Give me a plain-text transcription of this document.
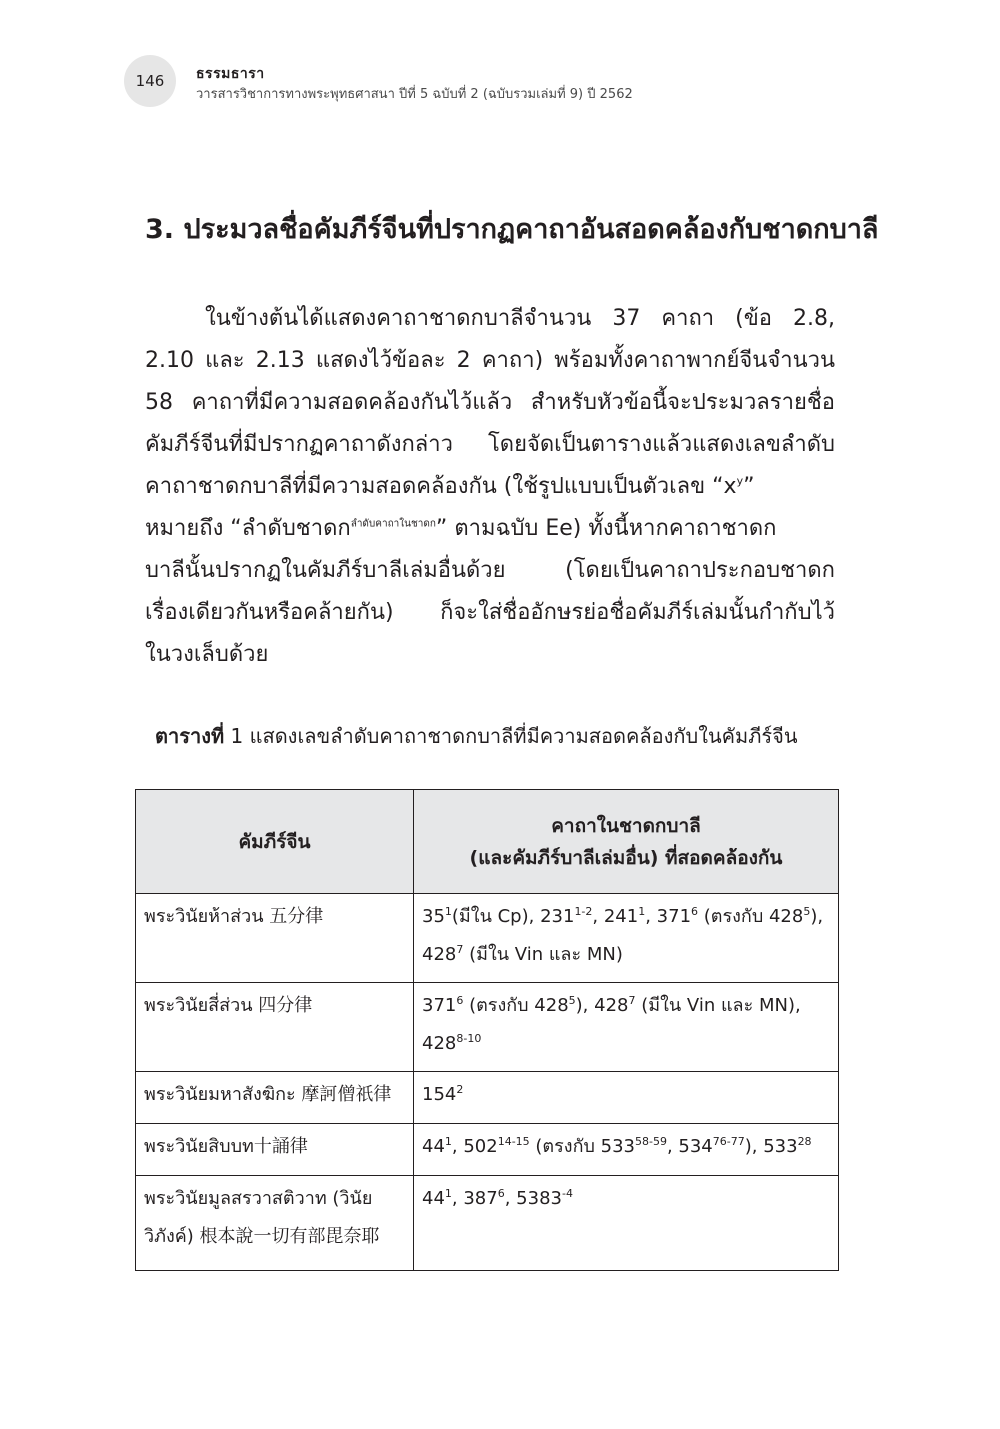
146 ธรรมธารา
วารสารวิชาการทางพระพุทธศาสนา ปีที่ 5 ฉบับที่ 2 (ฉบับรวมเล่มที่ 9) ปี 2562
3. ประมวลชื่อคัมภีร์จีนที่ปรากฏคาถาอันสอดคล้องกับชาดกบาลี
ในข้างต้นได้แสดงคาถาชาดกบาลีจำนวน 37 คาถา (ข้อ 2.8,
2.10 และ 2.13 แสดงไว้ข้อละ 2 คาถา) พร้อมทั้งคาถาพากย์จีนจำนวน
58 คาถาที่มีความสอดคล้องกันไว้แล้ว สำหรับหัวข้อนี้จะประมวลรายชื่อ
คัมภีร์จีนที่มีปรากฏคาถาดังกล่าว โดยจัดเป็นตารางแล้วแสดงเลขลำดับ
คาถาชาดกบาลีที่มีความสอดคล้องกัน (ใช้รูปแบบเป็นตัวเลข “$x^y$”
หมายถึง “ลำดับชาดก$^{ลำดับคาถาในชาดก}$” ตามฉบับ Ee) ทั้งนี้หากคาถาชาดก
บาลีนั้นปรากฏในคัมภีร์บาลีเล่มอื่นด้วย (โดยเป็นคาถาประกอบชาดก
เรื่องเดียวกันหรือคล้ายกัน) ก็จะใส่ชื่ออักษรย่อชื่อคัมภีร์เล่มนั้นกำกับไว้
ในวงเล็บด้วย
ตารางที่ 1 แสดงเลขลำดับคาถาชาดกบาลีที่มีความสอดคล้องกับในคัมภีร์จีน
คัมภีร์จีน	คาถาในชาดกบาลี
(และคัมภีร์บาลีเล่มอื่น) ที่สอดคล้องกัน

พระวินัยห้าส่วน 五分律	$35^1$(มีใน Cp), 231$^{1-2}$, $241^1$, $371^6$ (ตรงกับ $428^5$), $428^7$ (มีใน Vin และ MN)
พระวินัยสี่ส่วน 四分律	$371^6$ (ตรงกับ $428^5$), $428^7$ (มีใน Vin และ MN), 428$^{8-10}$
พระวินัยมหาสังฆิกะ 摩訶僧祇律	$154^2$
พระวินัยสิบบท十誦律	$44^1$, 502$^{14-15}$ (ตรงกับ 533$^{58-59}$, 534$^{76-77}$), $533^{28}$
พระวินัยมูลสรวาสติวาท (วินัยวิภังค์) 根本說一切有部毘奈耶	$44^1$, $387^6$, $5383^{-4}$
